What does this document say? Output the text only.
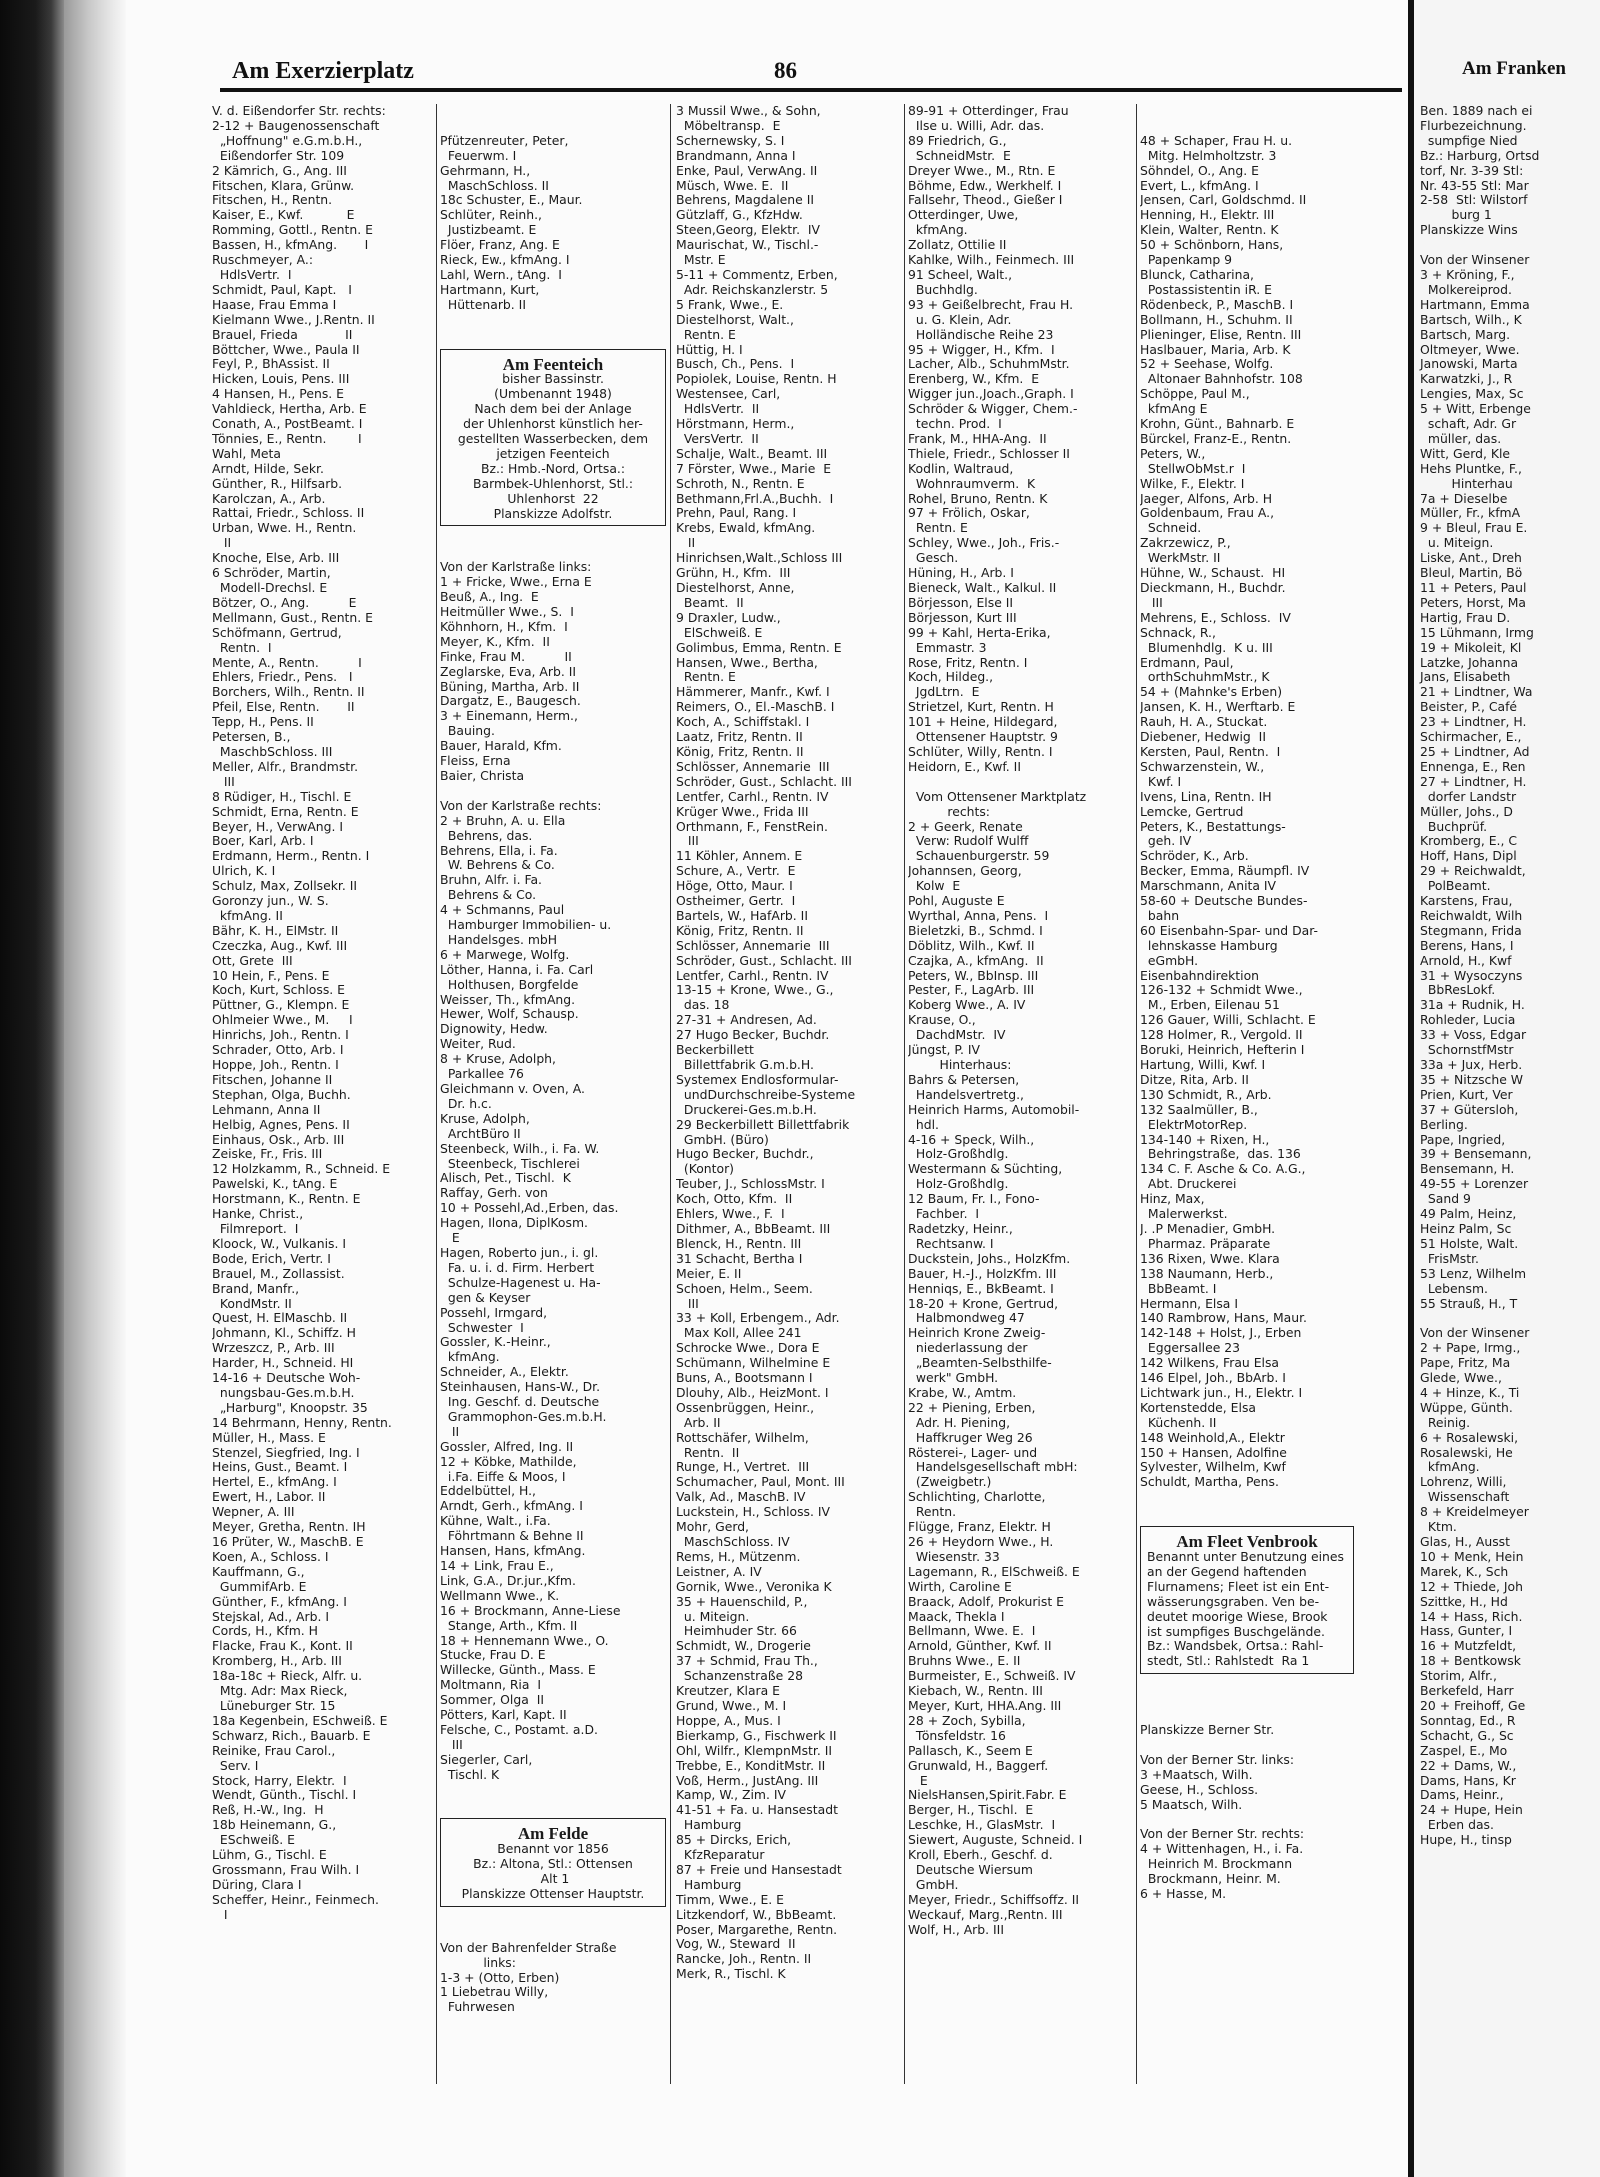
Am Franken
Ben. 1889 nach ei
Flurbezeichnung.
sumpfige Nied
Bz.: Harburg, Ortsd
torf, Nr. 3-39 Stl:
Nr. 43-55 Stl: Mar
2-58  Stl: Wilstorf
burg 1
Planskizze Wins

Von der Winsener
3 + Kröning, F.,
Molkereiprod.
Hartmann, Emma
Bartsch, Wilh., K
Bartsch, Marg.
Oltmeyer, Wwe.
Janowski, Marta
Karwatzki, J., R
Lengies, Max, Sc
5 + Witt, Erbenge
schaft, Adr. Gr
müller, das.
Witt, Gerd, Kle
Hehs Pluntke, F.,
Hinterhau
7a + Dieselbe
Müller, Fr., kfmA
9 + Bleul, Frau E.
u. Miteign.
Liske, Ant., Dreh
Bleul, Martin, Bö
11 + Peters, Paul
Peters, Horst, Ma
Hartig, Frau D.
15 Lühmann, Irmg
19 + Mikoleit, Kl
Latzke, Johanna
Jans, Elisabeth
21 + Lindtner, Wa
Beister, P., Café
23 + Lindtner, H.
Schirmacher, E.,
25 + Lindtner, Ad
Ennenga, E., Ren
27 + Lindtner, H.
dorfer Landstr
Müller, Johs., D
Buchprüf.
Kromberg, E., C
Hoff, Hans, Dipl
29 + Reichwaldt,
PolBeamt.
Karstens, Frau,
Reichwaldt, Wilh
Stegmann, Frida
Berens, Hans, I
Arnold, H., Kwf
31 + Wysoczyns
BbResLokf.
31a + Rudnik, H.
Rohleder, Lucia
33 + Voss, Edgar
SchornstfMstr
33a + Jux, Herb.
35 + Nitzsche W
Prien, Kurt, Ver
37 + Gütersloh,
Berling.
Pape, Ingried,
39 + Bensemann,
Bensemann, H.
49-55 + Lorenzer
Sand 9
49 Palm, Heinz,
Heinz Palm, Sc
51 Holste, Walt.
FrisMstr.
53 Lenz, Wilhelm
Lebensm.
55 Strauß, H., T

Von der Winsener
2 + Pape, Irmg.,
Pape, Fritz, Ma
Glede, Wwe.,
4 + Hinze, K., Ti
Wüppe, Günth.
Reinig.
6 + Rosalewski,
Rosalewski, He
kfmAng.
Lohrenz, Willi,
Wissenschaft
8 + Kreidelmeyer
Ktm.
Glas, H., Ausst
10 + Menk, Hein
Marek, K., Sch
12 + Thiede, Joh
Szittke, H., Hd
14 + Hass, Rich.
Hass, Gunter, I
16 + Mutzfeldt,
18 + Bentkowsk
Storim, Alfr.,
Berkefeld, Harr
20 + Freihoff, Ge
Sonntag, Ed., R
Schacht, G., Sc
Zaspel, E., Mo
22 + Dams, W.,
Dams, Hans, Kr
Dams, Heinr.,
24 + Hupe, Hein
Erben das.
Hupe, H., tinsp
Am Exerzierplatz	86
V. d. Eißendorfer Str. rechts:
2-12 + Baugenossenschaft
„Hoffnung" e.G.m.b.H.,
Eißendorfer Str. 109
2 Kämrich, G., Ang. III
Fitschen, Klara, Grünw.
Fitschen, H., Rentn.
Kaiser, E., Kwf.           E
Romming, Gottl., Rentn. E
Bassen, H., kfmAng.       I
Ruschmeyer, A.:
HdlsVertr.  I
Schmidt, Paul, Kapt.   I
Haase, Frau Emma I
Kielmann Wwe., J.Rentn. II
Brauel, Frieda            II
Böttcher, Wwe., Paula II
Feyl, P., BhAssist. II
Hicken, Louis, Pens. III
4 Hansen, H., Pens. E
Vahldieck, Hertha, Arb. E
Conath, A., PostBeamt. I
Tönnies, E., Rentn.        I
Wahl, Meta
Arndt, Hilde, Sekr.
Günther, R., Hilfsarb.
Karolczan, A., Arb.
Rattai, Friedr., Schloss. II
Urban, Wwe. H., Rentn.
II
Knoche, Else, Arb. III
6 Schröder, Martin,
Modell-Drechsl. E
Bötzer, O., Ang.          E
Mellmann, Gust., Rentn. E
Schöfmann, Gertrud,
Rentn.  I
Mente, A., Rentn.          I
Ehlers, Friedr., Pens.   I
Borchers, Wilh., Rentn. II
Pfeil, Else, Rentn.       II
Tepp, H., Pens. II
Petersen, B.,
MaschbSchloss. III
Meller, Alfr., Brandmstr.
III
8 Rüdiger, H., Tischl. E
Schmidt, Erna, Rentn. E
Beyer, H., VerwAng. I
Boer, Karl, Arb. I
Erdmann, Herm., Rentn. I
Ulrich, K. I
Schulz, Max, Zollsekr. II
Goronzy jun., W. S.
kfmAng. II
Bähr, K. H., ElMstr. II
Czeczka, Aug., Kwf. III
Ott, Grete  III
10 Hein, F., Pens. E
Koch, Kurt, Schloss. E
Püttner, G., Klempn. E
Ohlmeier Wwe., M.     I
Hinrichs, Joh., Rentn. I
Schrader, Otto, Arb. I
Hoppe, Joh., Rentn. I
Fitschen, Johanne II
Stephan, Olga, Buchh.
Lehmann, Anna II
Helbig, Agnes, Pens. II
Einhaus, Osk., Arb. III
Zeiske, Fr., Fris. III
12 Holzkamm, R., Schneid. E
Pawelski, K., tAng. E
Horstmann, K., Rentn. E
Hanke, Christ.,
Filmreport.  I
Kloock, W., Vulkanis. I
Bode, Erich, Vertr. I
Brauel, M., Zollassist.
Brand, Manfr.,
KondMstr. II
Quest, H. ElMaschb. II
Johmann, Kl., Schiffz. H
Wrzeszcz, P., Arb. III
Harder, H., Schneid. HI
14-16 + Deutsche Woh-
nungsbau-Ges.m.b.H.
„Harburg", Knoopstr. 35
14 Behrmann, Henny, Rentn.
Müller, H., Mass. E
Stenzel, Siegfried, Ing. I
Heins, Gust., Beamt. I
Hertel, E., kfmAng. I
Ewert, H., Labor. II
Wepner, A. III
Meyer, Gretha, Rentn. IH
16 Prüter, W., MaschB. E
Koen, A., Schloss. I
Kauffmann, G.,
GummifArb. E
Günther, F., kfmAng. I
Stejskal, Ad., Arb. I
Cords, H., Kfm. H
Flacke, Frau K., Kont. II
Kromberg, H., Arb. III
18a-18c + Rieck, Alfr. u.
Mtg. Adr: Max Rieck,
Lüneburger Str. 15
18a Kegenbein, ESchweiß. E
Schwarz, Rich., Bauarb. E
Reinike, Frau Carol.,
Serv. I
Stock, Harry, Elektr.  I
Wendt, Günth., Tischl. I
Reß, H.-W., Ing.  H
18b Heinemann, G.,
ESchweiß. E
Lühm, G., Tischl. E
Grossmann, Frau Wilh. I
Düring, Clara I
Scheffer, Heinr., Feinmech.
I

Pfützenreuter, Peter,
Feuerwm. I
Gehrmann, H.,
MaschSchloss. II
18c Schuster, E., Maur.
Schlüter, Reinh.,
Justizbeamt. E
Flöer, Franz, Ang. E
Rieck, Ew., kfmAng. I
Lahl, Wern., tAng.  I
Hartmann, Kurt,
Hüttenarb. II

Am Feenteich
bisher Bassinstr.
(Umbenannt 1948)
Nach dem bei der Anlage
der Uhlenhorst künstlich her-
gestellten Wasserbecken, dem
jetzigen Feenteich
Bz.: Hmb.-Nord, Ortsa.:
Barmbek-Uhlenhorst, Stl.:
Uhlenhorst  22
Planskizze Adolfstr.

Von der Karlstraße links:
1 + Fricke, Wwe., Erna E
Beuß, A., Ing.  E
Heitmüller Wwe., S.  I
Köhnhorn, H., Kfm.  I
Meyer, K., Kfm.  II
Finke, Frau M.          II
Zeglarske, Eva, Arb. II
Büning, Martha, Arb. II
Dargatz, E., Baugesch.
3 + Einemann, Herm.,
Bauing.
Bauer, Harald, Kfm.
Fleiss, Erna
Baier, Christa

Von der Karlstraße rechts:
2 + Bruhn, A. u. Ella
Behrens, das.
Behrens, Ella, i. Fa.
W. Behrens & Co.
Bruhn, Alfr. i. Fa.
Behrens & Co.
4 + Schmanns, Paul
Hamburger Immobilien- u.
Handelsges. mbH
6 + Marwege, Wolfg.
Löther, Hanna, i. Fa. Carl
Holthusen, Borgfelde
Weisser, Th., kfmAng.
Hewer, Wolf, Schausp.
Dignowity, Hedw.
Weiter, Rud.
8 + Kruse, Adolph,
Parkallee 76
Gleichmann v. Oven, A.
Dr. h.c.
Kruse, Adolph,
ArchtBüro II
Steenbeck, Wilh., i. Fa. W.
Steenbeck, Tischlerei
Alisch, Pet., Tischl.  K
Raffay, Gerh. von
10 + Possehl,Ad.,Erben, das.
Hagen, Ilona, DiplKosm.
E
Hagen, Roberto jun., i. gl.
Fa. u. i. d. Firm. Herbert
Schulze-Hagenest u. Ha-
gen & Keyser
Possehl, Irmgard,
Schwester  I
Gossler, K.-Heinr.,
kfmAng.
Schneider, A., Elektr.
Steinhausen, Hans-W., Dr.
Ing. Geschf. d. Deutsche
Grammophon-Ges.m.b.H.
II
Gossler, Alfred, Ing. II
12 + Köbke, Mathilde,
i.Fa. Eiffe & Moos, I
Eddelbüttel, H.,
Arndt, Gerh., kfmAng. I
Kühne, Walt., i.Fa.
Föhrtmann & Behne II
Hansen, Hans, kfmAng.
14 + Link, Frau E.,
Link, G.A., Dr.jur.,Kfm.
Wellmann Wwe., K.
16 + Brockmann, Anne-Liese
Stange, Arth., Kfm. II
18 + Hennemann Wwe., O.
Stucke, Frau D. E
Willecke, Günth., Mass. E
Moltmann, Ria  I
Sommer, Olga  II
Pötters, Karl, Kapt. II
Felsche, C., Postamt. a.D.
III
Siegerler, Carl,
Tischl. K

Am Felde
Benannt vor 1856
Bz.: Altona, Stl.: Ottensen
Alt 1
Planskizze Ottenser Hauptstr.

Von der Bahrenfelder Straße
links:
1-3 + (Otto, Erben)
1 Liebetrau Willy,
Fuhrwesen

3 Mussil Wwe., & Sohn,
Möbeltransp.  E
Schernewsky, S. I
Brandmann, Anna I
Enke, Paul, VerwAng. II
Müsch, Wwe. E.  II
Behrens, Magdalene II
Gützlaff, G., KfzHdw.
Steen,Georg, Elektr.  IV
Maurischat, W., Tischl.-
Mstr. E
5-11 + Commentz, Erben,
Adr. Reichskanzlerstr. 5
5 Frank, Wwe., E.
Diestelhorst, Walt.,
Rentn. E
Hüttig, H. I
Busch, Ch., Pens.  I
Popiolek, Louise, Rentn. H
Westensee, Carl,
HdlsVertr.  II
Hörstmann, Herm.,
VersVertr.  II
Schalje, Walt., Beamt. III
7 Förster, Wwe., Marie  E
Schroth, N., Rentn. E
Bethmann,Frl.A.,Buchh.  I
Prehn, Paul, Rang. I
Krebs, Ewald, kfmAng.
II
Hinrichsen,Walt.,Schloss III
Grühn, H., Kfm.  III
Diestelhorst, Anne,
Beamt.  II
9 Draxler, Ludw.,
ElSchweiß. E
Golimbus, Emma, Rentn. E
Hansen, Wwe., Bertha,
Rentn. E
Hämmerer, Manfr., Kwf. I
Reimers, O., El.-MaschB. I
Koch, A., Schiffstakl. I
Laatz, Fritz, Rentn. II
König, Fritz, Rentn. II
Schlösser, Annemarie  III
Schröder, Gust., Schlacht. III
Lentfer, Carhl., Rentn. IV
Krüger Wwe., Frida III
Orthmann, F., FenstRein.
III
11 Köhler, Annem. E
Schure, A., Vertr.  E
Höge, Otto, Maur. I
Ostheimer, Gertr.  I
Bartels, W., HafArb. II
König, Fritz, Rentn. II
Schlösser, Annemarie  III
Schröder, Gust., Schlacht. III
Lentfer, Carhl., Rentn. IV
13-15 + Krone, Wwe., G.,
das. 18
27-31 + Andresen, Ad.
27 Hugo Becker, Buchdr.
Beckerbillett
Billettfabrik G.m.b.H.
Systemex Endlosformular-
undDurchschreibe-Systeme
Druckerei-Ges.m.b.H.
29 Beckerbillett Billettfabrik
GmbH. (Büro)
Hugo Becker, Buchdr.,
(Kontor)
Teuber, J., SchlossMstr. I
Koch, Otto, Kfm.  II
Ehlers, Wwe., F.  I
Dithmer, A., BbBeamt. III
Blenck, H., Rentn. III
31 Schacht, Bertha I
Meier, E. II
Schoen, Helm., Seem.
III
33 + Koll, Erbengem., Adr.
Max Koll, Allee 241
Schrocke Wwe., Dora E
Schümann, Wilhelmine E
Buns, A., Bootsmann I
Dlouhy, Alb., HeizMont. I
Ossenbrüggen, Heinr.,
Arb. II
Rottschäfer, Wilhelm,
Rentn.  II
Runge, H., Vertret.  III
Schumacher, Paul, Mont. III
Valk, Ad., MaschB. IV
Luckstein, H., Schloss. IV
Mohr, Gerd,
MaschSchloss. IV
Rems, H., Mützenm.
Leistner, A. IV
Gornik, Wwe., Veronika K
35 + Hauenschild, P.,
u. Miteign.
Heimhuder Str. 66
Schmidt, W., Drogerie
37 + Schmid, Frau Th.,
Schanzenstraße 28
Kreutzer, Klara E
Grund, Wwe., M. I
Hoppe, A., Mus. I
Bierkamp, G., Fischwerk II
Ohl, Wilfr., KlempnMstr. II
Trebbe, E., KonditMstr. II
Voß, Herm., JustAng. III
Kamp, W., Zim. IV
41-51 + Fa. u. Hansestadt
Hamburg
85 + Dircks, Erich,
KfzReparatur
87 + Freie und Hansestadt
Hamburg
Timm, Wwe., E. E
Litzkendorf, W., BbBeamt.
Poser, Margarethe, Rentn.
Vog, W., Steward  II
Rancke, Joh., Rentn. II
Merk, R., Tischl. K
89-91 + Otterdinger, Frau
Ilse u. Willi, Adr. das.
89 Friedrich, G.,
SchneidMstr.  E
Dreyer Wwe., M., Rtn. E
Böhme, Edw., Werkhelf. I
Fallsehr, Theod., Gießer I
Otterdinger, Uwe,
kfmAng.
Zollatz, Ottilie II
Kahlke, Wilh., Feinmech. III
91 Scheel, Walt.,
Buchhdlg.
93 + Geißelbrecht, Frau H.
u. G. Klein, Adr.
Holländische Reihe 23
95 + Wigger, H., Kfm.  I
Lacher, Alb., SchuhmMstr.
Erenberg, W., Kfm.  E
Wigger jun.,Joach.,Graph. I
Schröder & Wigger, Chem.-
techn. Prod.  I
Frank, M., HHA-Ang.  II
Thiele, Friedr., Schlosser II
Kodlin, Waltraud,
Wohnraumverm.  K
Rohel, Bruno, Rentn. K
97 + Frölich, Oskar,
Rentn. E
Schley, Wwe., Joh., Fris.-
Gesch.
Hüning, H., Arb. I
Bieneck, Walt., Kalkul. II
Börjesson, Else II
Börjesson, Kurt III
99 + Kahl, Herta-Erika,
Emmastr. 3
Rose, Fritz, Rentn. I
Koch, Hildeg.,
JgdLtrn.  E
Strietzel, Kurt, Rentn. H
101 + Heine, Hildegard,
Ottensener Hauptstr. 9
Schlüter, Willy, Rentn. I
Heidorn, E., Kwf. II

Vom Ottensener Marktplatz
rechts:
2 + Geerk, Renate
Verw: Rudolf Wulff
Schauenburgerstr. 59
Johannsen, Georg,
Kolw  E
Pohl, Auguste E
Wyrthal, Anna, Pens.  I
Bieletzki, B., Schmd. I
Döblitz, Wilh., Kwf. II
Czajka, A., kfmAng.  II
Peters, W., BbInsp. III
Pester, F., LagArb. III
Koberg Wwe., A. IV
Krause, O.,
DachdMstr.  IV
Jüngst, P. IV
Hinterhaus:
Bahrs & Petersen,
Handelsvertretg.,
Heinrich Harms, Automobil-
hdl.
4-16 + Speck, Wilh.,
Holz-Großhdlg.
Westermann & Süchting,
Holz-Großhdlg.
12 Baum, Fr. I., Fono-
Fachber.  I
Radetzky, Heinr.,
Rechtsanw. I
Duckstein, Johs., HolzKfm.
Bauer, H.-J., HolzKfm. III
Henniqs, E., BkBeamt. I
18-20 + Krone, Gertrud,
Halbmondweg 47
Heinrich Krone Zweig-
niederlassung der
„Beamten-Selbsthilfe-
werk" GmbH.
Krabe, W., Amtm.
22 + Piening, Erben,
Adr. H. Piening,
Haffkruger Weg 26
Rösterei-, Lager- und
Handelsgesellschaft mbH:
(Zweigbetr.)
Schlichting, Charlotte,
Rentn.
Flügge, Franz, Elektr. H
26 + Heydorn Wwe., H.
Wiesenstr. 33
Lagemann, R., ElSchweiß. E
Wirth, Caroline E
Braack, Adolf, Prokurist E
Maack, Thekla I
Bellmann, Wwe. E.  I
Arnold, Günther, Kwf. II
Bruhns Wwe., E. II
Burmeister, E., Schweiß. IV
Kiebach, W., Rentn. III
Meyer, Kurt, HHA.Ang. III
28 + Zoch, Sybilla,
Tönsfeldstr. 16
Pallasch, K., Seem E
Grunwald, H., Baggerf.
E
NielsHansen,Spirit.Fabr. E
Berger, H., Tischl.  E
Leschke, H., GlasMstr.  I
Siewert, Auguste, Schneid. I
Kroll, Eberh., Geschf. d.
Deutsche Wiersum
GmbH.
Meyer, Friedr., Schiffsoffz. II
Weckauf, Marg.,Rentn. III
Wolf, H., Arb. III

48 + Schaper, Frau H. u.
Mitg. Helmholtzstr. 3
Söhndel, O., Ang. E
Evert, L., kfmAng. I
Jensen, Carl, Goldschmd. II
Henning, H., Elektr. III
Klein, Walter, Rentn. K
50 + Schönborn, Hans,
Papenkamp 9
Blunck, Catharina,
Postassistentin iR. E
Rödenbeck, P., MaschB. I
Bollmann, H., Schuhm. II
Plieninger, Elise, Rentn. III
Haslbauer, Maria, Arb. K
52 + Seehase, Wolfg.
Altonaer Bahnhofstr. 108
Schöppe, Paul M.,
kfmAng E
Krohn, Günt., Bahnarb. E
Bürckel, Franz-E., Rentn.
Peters, W.,
StellwObMst.r  I
Wilke, F., Elektr. I
Jaeger, Alfons, Arb. H
Goldenbaum, Frau A.,
Schneid.
Zakrzewicz, P.,
WerkMstr. II
Hühne, W., Schaust.  HI
Dieckmann, H., Buchdr.
III
Mehrens, E., Schloss.  IV
Schnack, R.,
Blumenhdlg.  K u. III
Erdmann, Paul,
orthSchuhmMstr., K
54 + (Mahnke's Erben)
Jansen, K. H., Werftarb. E
Rauh, H. A., Stuckat.
Diebener, Hedwig  II
Kersten, Paul, Rentn.  I
Schwarzenstein, W.,
Kwf. I
Ivens, Lina, Rentn. IH
Lemcke, Gertrud
Peters, K., Bestattungs-
geh. IV
Schröder, K., Arb.
Becker, Emma, Räumpfl. IV
Marschmann, Anita IV
58-60 + Deutsche Bundes-
bahn
60 Eisenbahn-Spar- und Dar-
lehnskasse Hamburg
eGmbH.
Eisenbahndirektion
126-132 + Schmidt Wwe.,
M., Erben, Eilenau 51
126 Gauer, Willi, Schlacht. E
128 Holmer, R., Vergold. II
Boruki, Heinrich, Hefterin I
Hartung, Willi, Kwf. I
Ditze, Rita, Arb. II
130 Schmidt, R., Arb.
132 Saalmüller, B.,
ElektrMotorRep.
134-140 + Rixen, H.,
Behringstraße,  das. 136
134 C. F. Asche & Co. A.G.,
Abt. Druckerei
Hinz, Max,
Malerwerkst.
J. .P Menadier, GmbH.
Pharmaz. Präparate
136 Rixen, Wwe. Klara
138 Naumann, Herb.,
BbBeamt. I
Hermann, Elsa I
140 Rambrow, Hans, Maur.
142-148 + Holst, J., Erben
Eggersallee 23
142 Wilkens, Frau Elsa
146 Elpel, Joh., BbArb. I
Lichtwark jun., H., Elektr. I
Kortenstedde, Elsa
Küchenh. II
148 Weinhold,A., Elektr
150 + Hansen, Adolfine
Sylvester, Wilhelm, Kwf
Schuldt, Martha, Pens.

Am Fleet Venbrook
Benannt unter Benutzung eines
an der Gegend haftenden
Flurnamens; Fleet ist ein Ent-
wässerungsgraben. Ven be-
deutet moorige Wiese, Brook
ist sumpfiges Buschgelände.
Bz.: Wandsbek, Ortsa.: Rahl-
stedt, Stl.: Rahlstedt  Ra 1

Planskizze Berner Str.

Von der Berner Str. links:
3 +Maatsch, Wilh.
Geese, H., Schloss.
5 Maatsch, Wilh.

Von der Berner Str. rechts:
4 + Wittenhagen, H., i. Fa.
Heinrich M. Brockmann
Brockmann, Heinr. M.
6 + Hasse, M.
